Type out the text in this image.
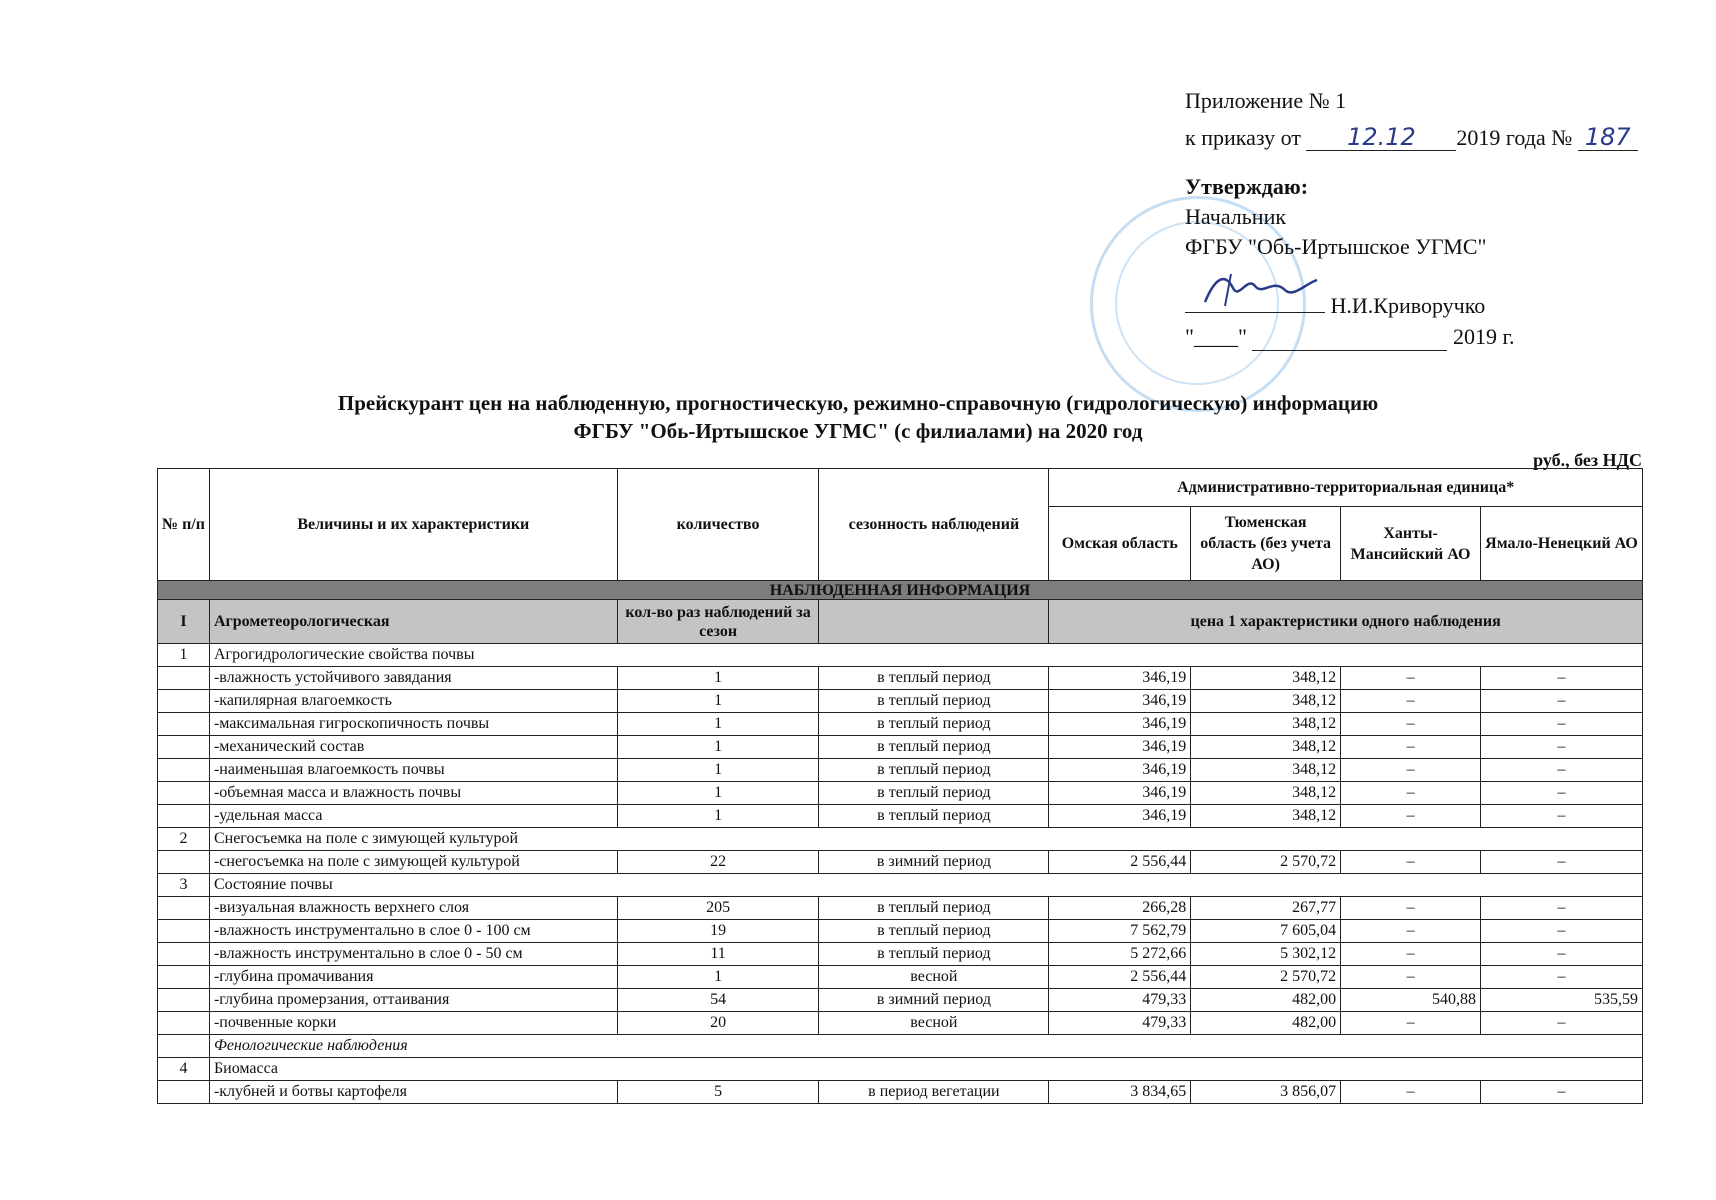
Приложение № 1
к приказу от 12.12 2019 года № 187
Утверждаю:
Начальник
ФГБУ "Обь-Иртышское УГМС"
Н.И.Криворучко
"____"	2019 г.
Прейскурант цен на наблюденную, прогностическую, режимно-справочную (гидрологическую) информацию
ФГБУ "Обь-Иртышское УГМС" (с филиалами) на 2020 год
руб., без НДС
№ п/п	Величины и их характеристики	количество	сезонность наблюдений	Административно-территориальная единица*			
				Омская область	Тюменская область (без учета АО)	Ханты-Мансийский АО	Ямало-Ненецкий АО
НАБЛЮДЕННАЯ ИНФОРМАЦИЯ							
I	Агрометеорологическая	кол-во раз наблюдений за сезон		цена 1 характеристики одного наблюдения			
1	Агрогидрологические свойства почвы						
	-влажность устойчивого завядания	1	в теплый период	346,19	348,12	–	–
	-капилярная влагоемкость	1	в теплый период	346,19	348,12	–	–
	-максимальная гигроскопичность почвы	1	в теплый период	346,19	348,12	–	–
	-механический состав	1	в теплый период	346,19	348,12	–	–
	-наименьшая влагоемкость почвы	1	в теплый период	346,19	348,12	–	–
	-объемная масса и влажность почвы	1	в теплый период	346,19	348,12	–	–
	-удельная масса	1	в теплый период	346,19	348,12	–	–
2	Снегосъемка на поле с зимующей культурой						
	-снегосъемка на поле с зимующей культурой	22	в зимний период	2 556,44	2 570,72	–	–
3	Состояние почвы						
	-визуальная влажность верхнего слоя	205	в теплый период	266,28	267,77	–	–
	-влажность инструментально в слое 0 - 100 см	19	в теплый период	7 562,79	7 605,04	–	–
	-влажность инструментально в слое 0 - 50 см	11	в теплый период	5 272,66	5 302,12	–	–
	-глубина промачивания	1	весной	2 556,44	2 570,72	–	–
	-глубина промерзания, оттаивания	54	в зимний период	479,33	482,00	540,88	535,59
	-почвенные корки	20	весной	479,33	482,00	–	–
	Фенологические наблюдения						
4	Биомасса						
	-клубней и ботвы картофеля	5	в период вегетации	3 834,65	3 856,07	–	–
